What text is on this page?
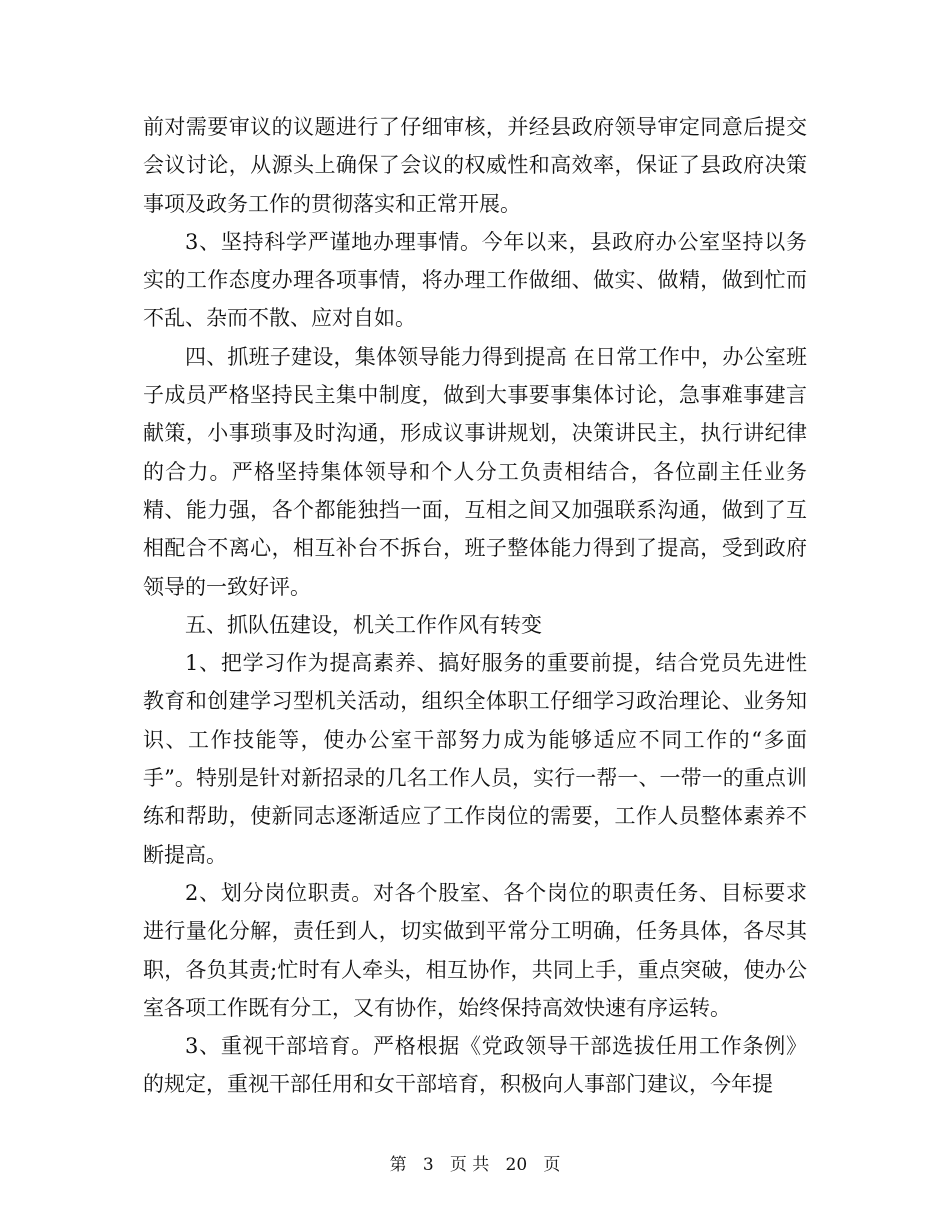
前对需要审议的议题进行了仔细审核，并经县政府领导审定同意后提交会议讨论，从源头上确保了会议的权威性和高效率，保证了县政府决策事项及政务工作的贯彻落实和正常开展。

3、坚持科学严谨地办理事情。今年以来，县政府办公室坚持以务实的工作态度办理各项事情，将办理工作做细、做实、做精，做到忙而不乱、杂而不散、应对自如。

四、抓班子建设，集体领导能力得到提高 在日常工作中，办公室班子成员严格坚持民主集中制度，做到大事要事集体讨论，急事难事建言献策，小事琐事及时沟通，形成议事讲规划，决策讲民主，执行讲纪律的合力。严格坚持集体领导和个人分工负责相结合，各位副主任业务精、能力强，各个都能独挡一面，互相之间又加强联系沟通，做到了互相配合不离心，相互补台不拆台，班子整体能力得到了提高，受到政府领导的一致好评。

五、抓队伍建设，机关工作作风有转变

1、把学习作为提高素养、搞好服务的重要前提，结合党员先进性教育和创建学习型机关活动，组织全体职工仔细学习政治理论、业务知识、工作技能等，使办公室干部努力成为能够适应不同工作的“多面手”。特别是针对新招录的几名工作人员，实行一帮一、一带一的重点训练和帮助，使新同志逐渐适应了工作岗位的需要，工作人员整体素养不断提高。

2、划分岗位职责。对各个股室、各个岗位的职责任务、目标要求进行量化分解，责任到人，切实做到平常分工明确，任务具体，各尽其职，各负其责;忙时有人牵头，相互协作，共同上手，重点突破，使办公室各项工作既有分工，又有协作，始终保持高效快速有序运转。

3、重视干部培育。严格根据《党政领导干部选拔任用工作条例》的规定，重视干部任用和女干部培育，积极向人事部门建议，今年提

第 3 页 共 20 页
